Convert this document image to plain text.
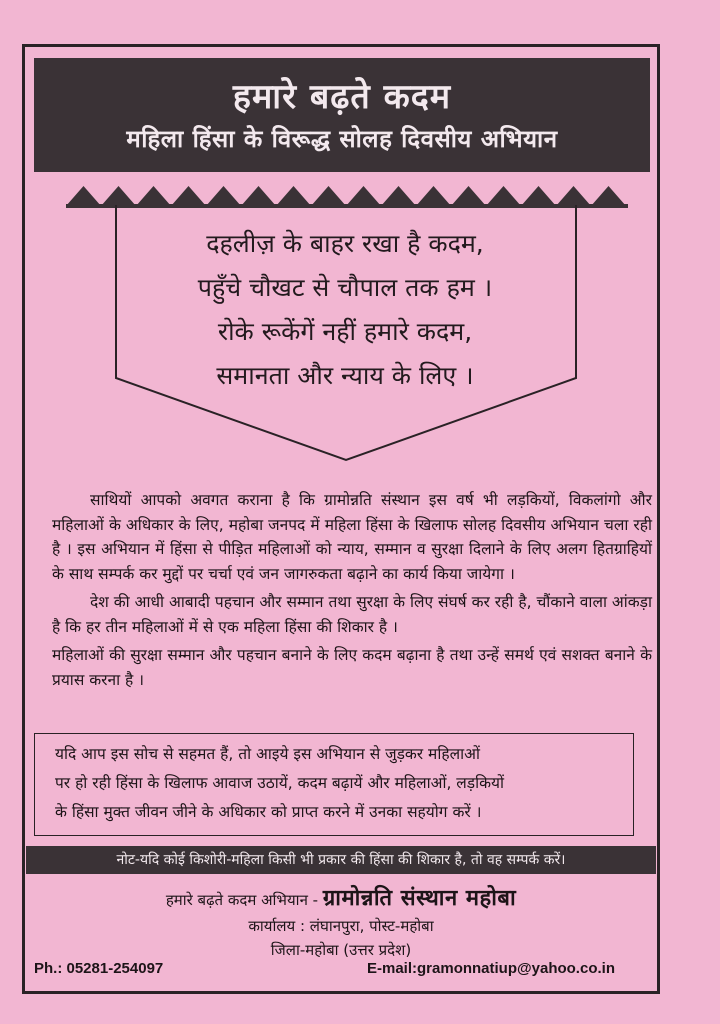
हमारे बढ़ते कदम
महिला हिंसा के विरूद्ध सोलह दिवसीय अभियान
दहलीज़ के बाहर रखा है कदम,
पहुँचे चौखट से चौपाल तक हम ।
रोके रूकेंगें नहीं हमारे कदम,
समानता और न्याय के लिए ।

साथियों आपको अवगत कराना है कि ग्रामोन्नति संस्थान इस वर्ष भी लड़कियों, विकलांगो और महिलाओं के अधिकार के लिए, महोबा जनपद में महिला हिंसा के खिलाफ सोलह दिवसीय अभियान चला रही है । इस अभियान में हिंसा से पीड़ित महिलाओं को न्याय, सम्मान व सुरक्षा दिलाने के लिए अलग हितग्राहियों के साथ सम्पर्क कर मुद्दों पर चर्चा एवं जन जागरुकता बढ़ाने का कार्य किया जायेगा ।

देश की आधी आबादी पहचान और सम्मान तथा सुरक्षा के लिए संघर्ष कर रही है, चौंकाने वाला आंकड़ा है कि हर तीन महिलाओं में से एक महिला हिंसा की शिकार है ।

महिलाओं की सुरक्षा सम्मान और पहचान बनाने के लिए कदम बढ़ाना है तथा उन्हें समर्थ एवं सशक्त बनाने के प्रयास करना है ।

यदि आप इस सोच से सहमत हैं, तो आइये इस अभियान से जुड़कर महिलाओं
पर हो रही हिंसा के खिलाफ आवाज उठायें, कदम बढ़ायें और महिलाओं, लड़कियों
के हिंसा मुक्त जीवन जीने के अधिकार को प्राप्त करने में उनका सहयोग करें ।
नोट-यदि कोई किशोरी-महिला किसी भी प्रकार की हिंसा की शिकार है, तो वह सम्पर्क करें।
हमारे बढ़ते कदम अभियान - ग्रामोन्नति संस्थान महोबा
कार्यालय : लंघानपुरा, पोस्ट-महोबा
जिला-महोबा (उत्तर प्रदेश)
Ph.: 05281-254097	E-mail:gramonnatiup@yahoo.co.in
